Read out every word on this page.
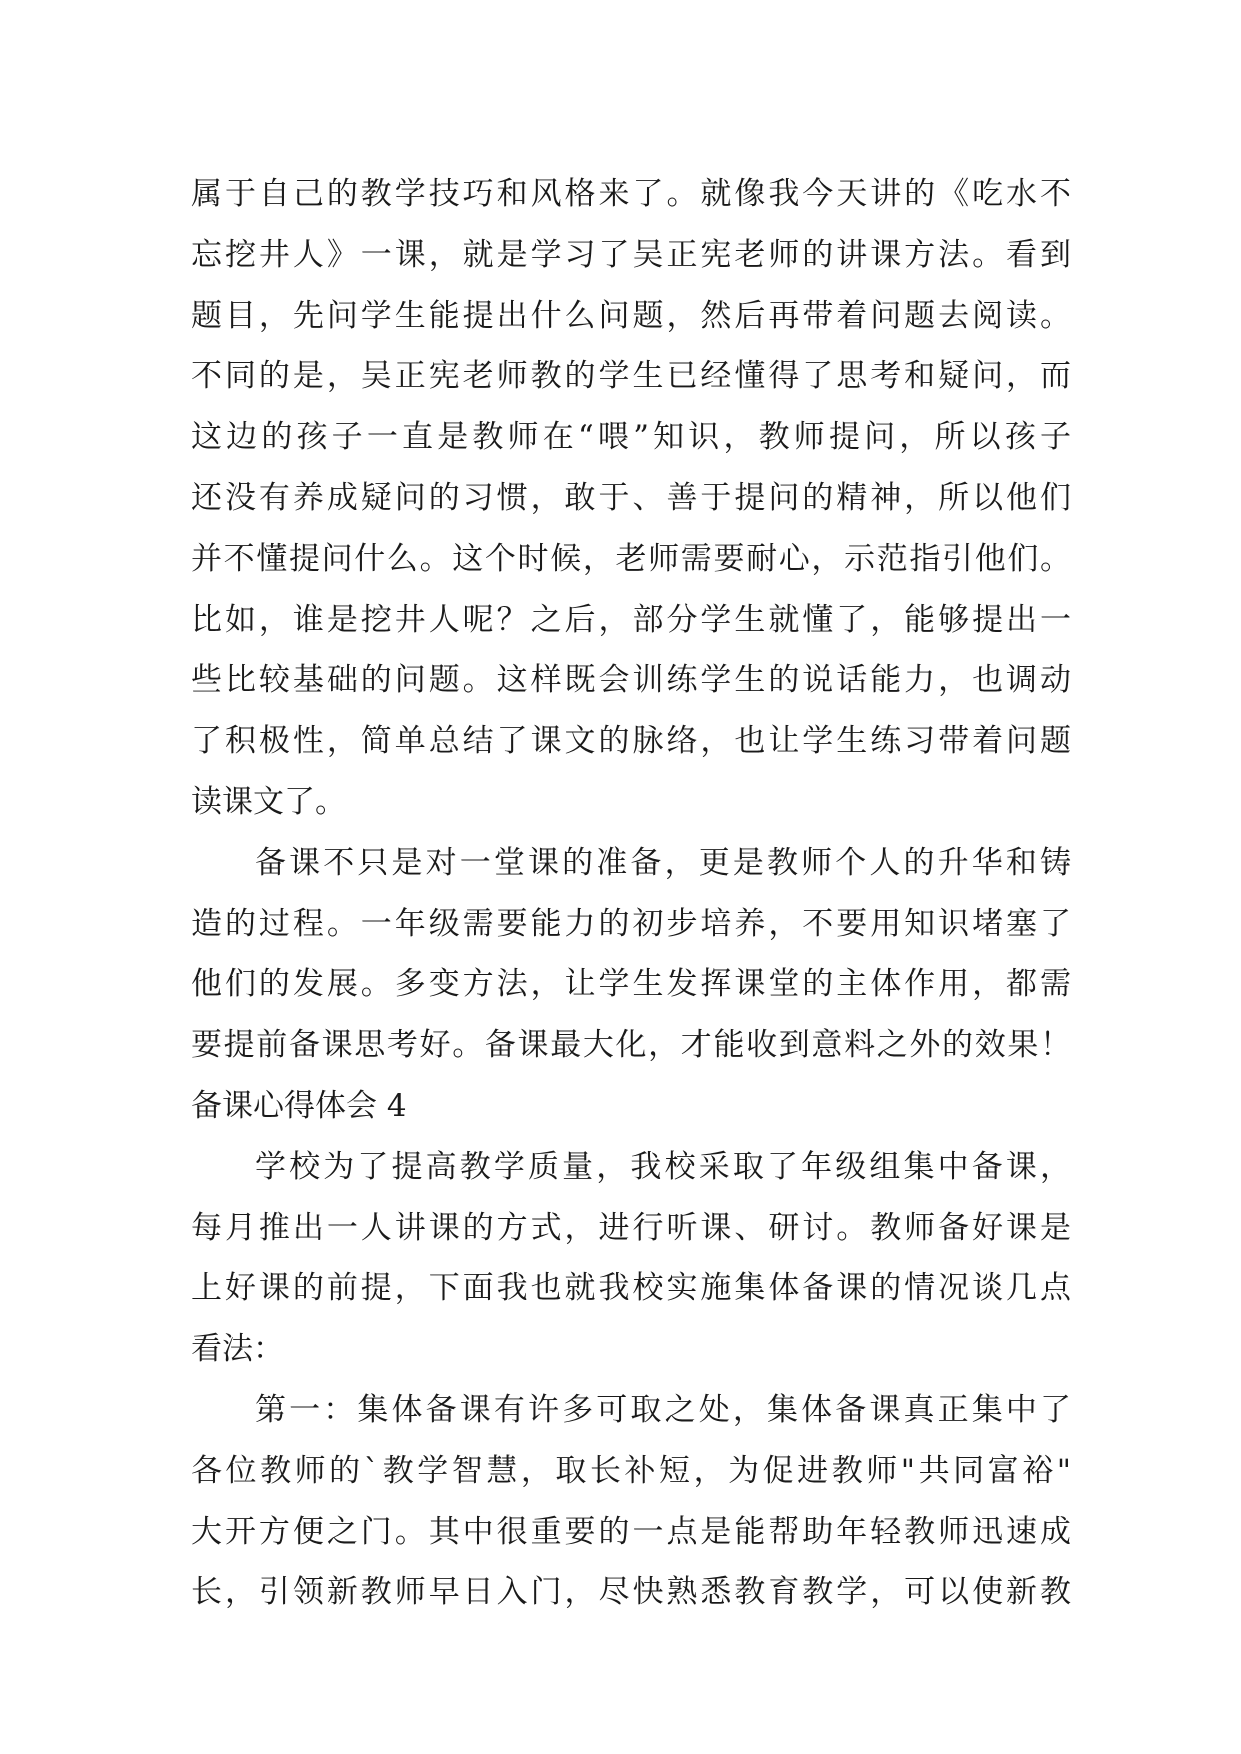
属于自己的教学技巧和风格来了。就像我今天讲的《吃水不
忘挖井人》一课，就是学习了吴正宪老师的讲课方法。看到
题目，先问学生能提出什么问题，然后再带着问题去阅读。
不同的是，吴正宪老师教的学生已经懂得了思考和疑问，而
这边的孩子一直是教师在“喂”知识，教师提问，所以孩子
还没有养成疑问的习惯，敢于、善于提问的精神，所以他们
并不懂提问什么。这个时候，老师需要耐心，示范指引他们。
比如，谁是挖井人呢？之后，部分学生就懂了，能够提出一
些比较基础的问题。这样既会训练学生的说话能力，也调动
了积极性，简单总结了课文的脉络，也让学生练习带着问题
读课文了。
备课不只是对一堂课的准备，更是教师个人的升华和铸
造的过程。一年级需要能力的初步培养，不要用知识堵塞了
他们的发展。多变方法，让学生发挥课堂的主体作用，都需
要提前备课思考好。备课最大化，才能收到意料之外的效果！
备课心得体会 4
学校为了提高教学质量，我校采取了年级组集中备课，
每月推出一人讲课的方式，进行听课、研讨。教师备好课是
上好课的前提，下面我也就我校实施集体备课的情况谈几点
看法：
第一：集体备课有许多可取之处，集体备课真正集中了
各位教师的`教学智慧，取长补短，为促进教师"共同富裕"
大开方便之门。其中很重要的一点是能帮助年轻教师迅速成
长，引领新教师早日入门，尽快熟悉教育教学，可以使新教
